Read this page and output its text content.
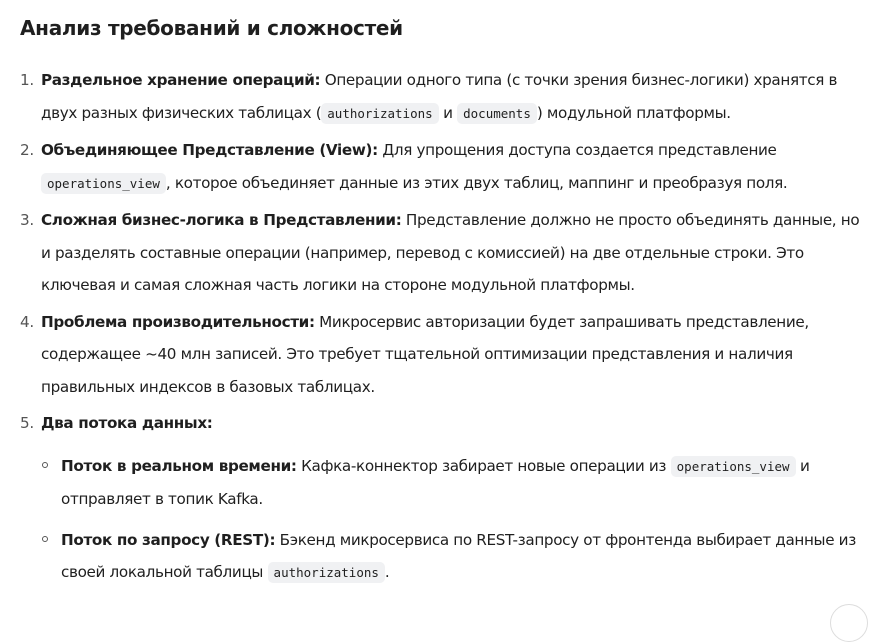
Анализ требований и сложностей
1. Раздельное хранение операций: Операции одного типа (с точки зрения бизнес-логики) хранятся в двух разных физических таблицах ( authorizations и documents ) модульной платформы.
2. Объединяющее Представление (View): Для упрощения доступа создается представление operations_view , которое объединяет данные из этих двух таблиц, маппинг и преобразуя поля.
3. Сложная бизнес-логика в Представлении: Представление должно не просто объединять данные, но и разделять составные операции (например, перевод с комиссией) на две отдельные строки. Это ключевая и самая сложная часть логики на стороне модульной платформы.
4. Проблема производительности: Микросервис авторизации будет запрашивать представление, содержащее ~40 млн записей. Это требует тщательной оптимизации представления и наличия правильных индексов в базовых таблицах.
5. Два потока данных:
Поток в реальном времени: Кафка-коннектор забирает новые операции из operations_view и отправляет в топик Kafka.
Поток по запросу (REST): Бэкенд микросервиса по REST-запросу от фронтенда выбирает данные из своей локальной таблицы authorizations .
